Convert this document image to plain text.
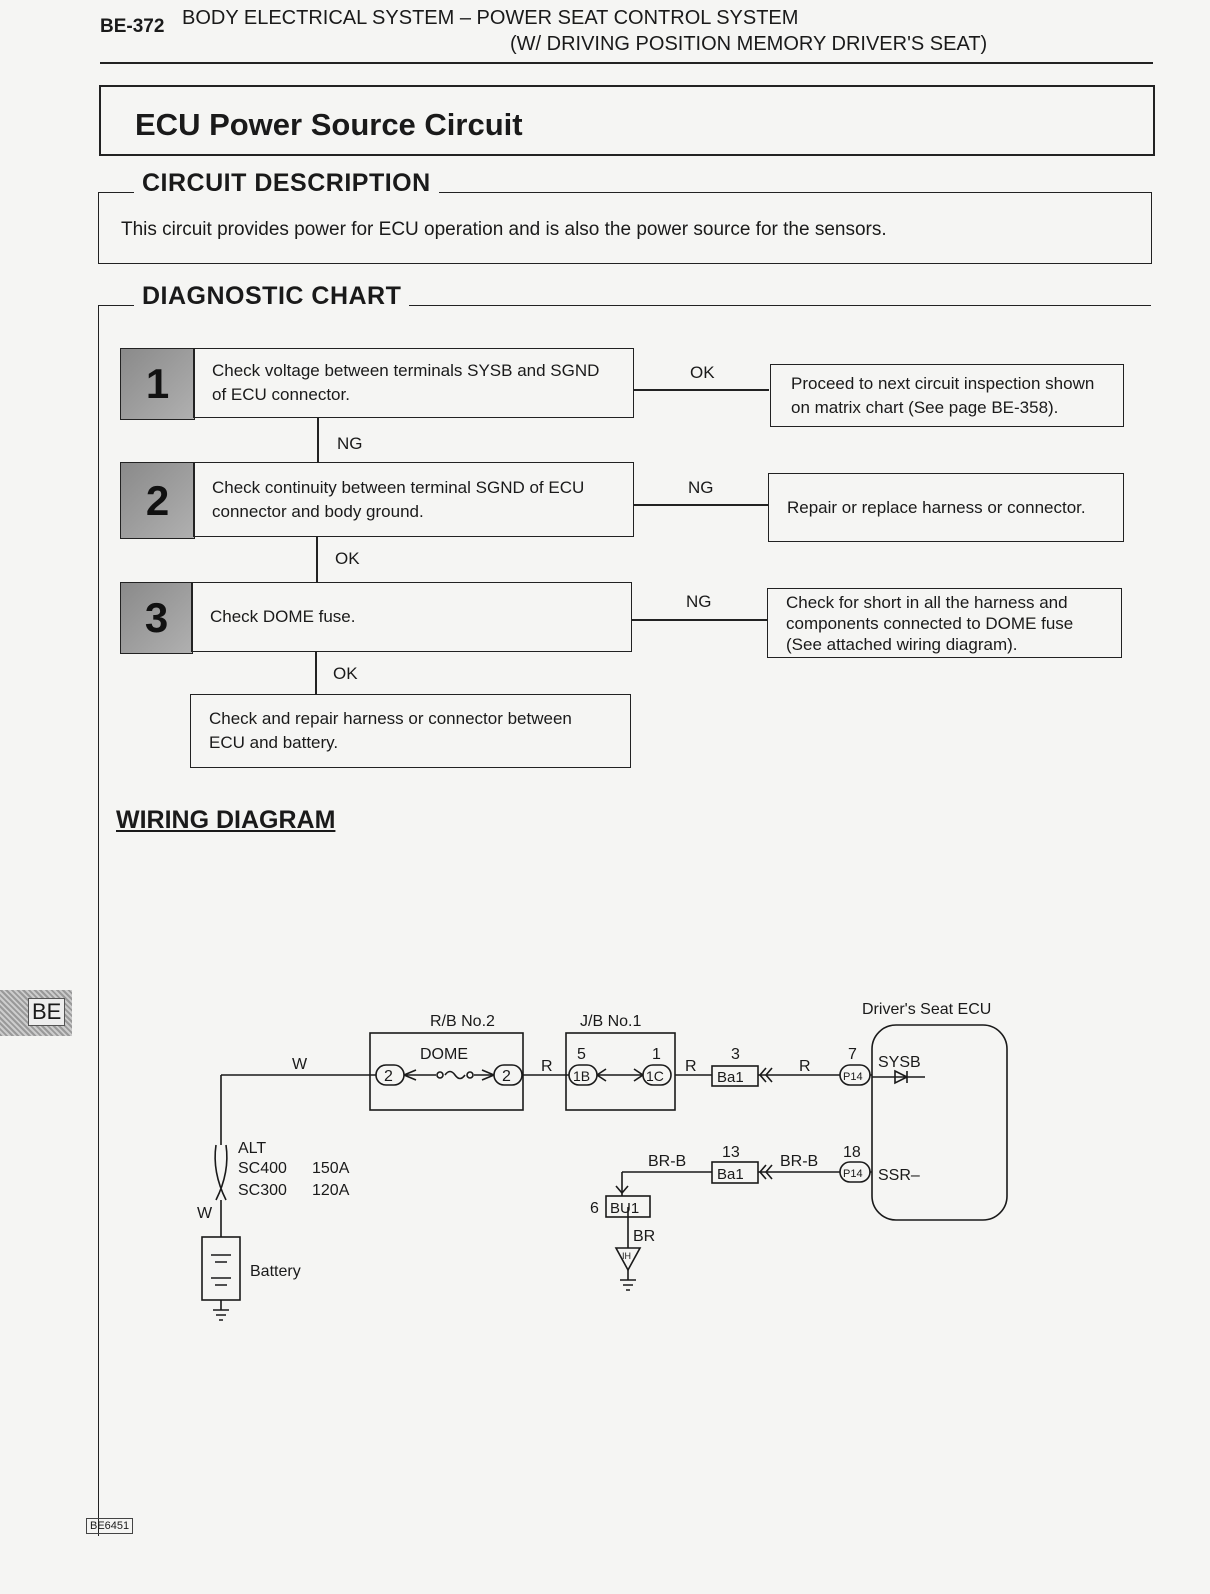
BE-372 BODY ELECTRICAL SYSTEM – POWER SEAT CONTROL SYSTEM
(W/ DRIVING POSITION MEMORY DRIVER'S SEAT)
ECU Power Source Circuit
This circuit provides power for ECU operation and is also the power source for the sensors.
CIRCUIT DESCRIPTION
DIAGNOSTIC CHART
1	Check voltage between terminals SYSB and SGND of ECU connector.
OK
Proceed to next circuit inspection shown on matrix chart (See page BE-358).
NG
2	Check continuity between terminal SGND of ECU connector and body ground.
NG
Repair or replace harness or connector.
OK
3	Check DOME fuse.
NG	Check for short in all the harness and components connected to DOME fuse (See attached wiring diagram).
OK
Check and repair harness or connector between ECU and battery.
WIRING DIAGRAM
R/B No.2
DOME
2	2
J/B No.1
5	1
1B	1C
W
W
R	R	R
3
Ba1
7
P14
Driver's Seat ECU
SYSB
SSR–
BR-B	BR-B
13
Ba1
18
P14
6 BU1
BR
IH
ALT
SC400 150A
SC300 120A
Battery
BE
BE6451
